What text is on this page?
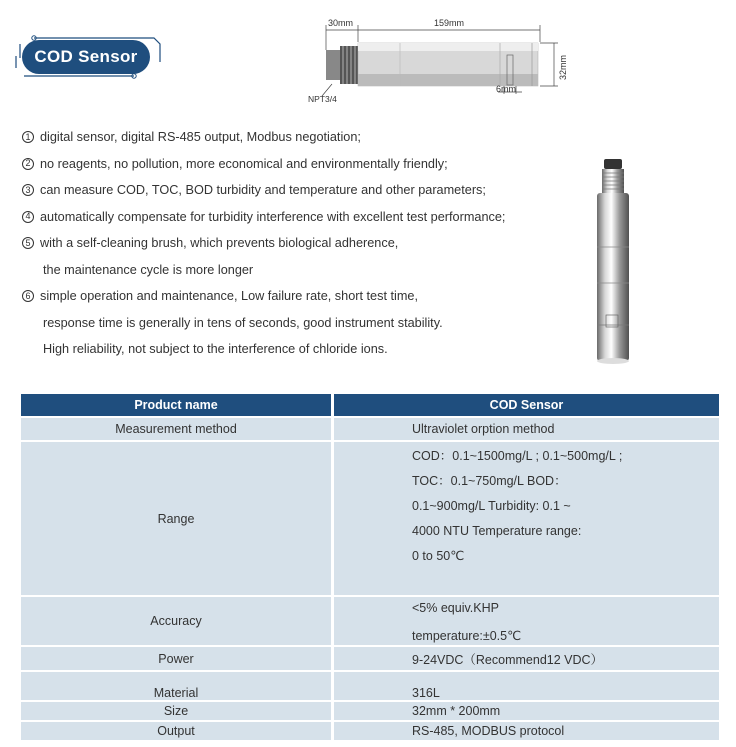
COD Sensor
30mm	159mm
32mm
6mm
NPT3/4
1 digital sensor, digital RS-485 output, Modbus negotiation;
2 no reagents, no pollution, more economical and environmentally friendly;
3 can measure COD, TOC, BOD turbidity and temperature and other parameters;
4 automatically compensate for turbidity interference with excellent test performance;
5 with a self-cleaning brush, which prevents biological adherence,
the maintenance cycle is more longer
6 simple operation and maintenance, Low failure rate, short test time,
response time is generally in tens of seconds, good instrument stability.
High reliability, not subject to the interference of chloride ions.
Product name	COD Sensor
Measurement method	Ultraviolet orption method
Range	COD：0.1~1500mg/L ; 0.1~500mg/L ;
TOC：0.1~750mg/L BOD：
0.1~900mg/L Turbidity: 0.1 ~
4000 NTU Temperature range:
0 to 50℃

Accuracy	<5% equiv.KHP
temperature:±0.5℃

Power	9-24VDC（Recommend12 VDC）
Material	316L
Size	32mm * 200mm
Output	RS-485, MODBUS protocol
